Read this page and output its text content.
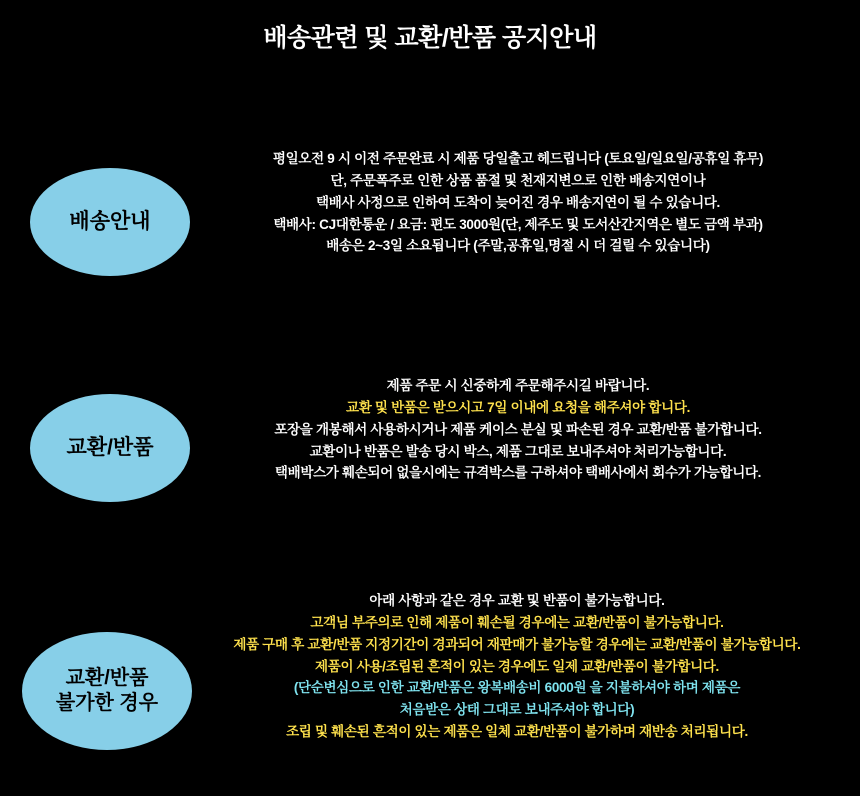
배송관련 및 교환/반품 공지안내
배송안내
평일오전 9 시 이전 주문완료 시 제품 당일출고 헤드립니다 (토요일/일요일/공휴일 휴무)
단, 주문폭주로 인한 상품 품절 및 천재지변으로 인한 배송지연이나
택배사 사정으로 인하여 도착이 늦어진 경우 배송지연이 될 수 있습니다.
택배사: CJ대한통운 / 요금: 편도 3000원(단, 제주도 및 도서산간지역은 별도 금액 부과)
배송은 2~3일 소요됩니다 (주말,공휴일,명절 시 더 걸릴 수 있습니다)
교환/반품
제품 주문 시 신중하게 주문해주시길 바랍니다.
교환 및 반품은 받으시고 7일 이내에 요청을 해주셔야 합니다.
포장을 개봉해서 사용하시거나 제품 케이스 분실 및 파손된 경우 교환/반품 불가합니다.
교환이나 반품은 발송 당시 박스, 제품 그대로 보내주셔야 처리가능합니다.
택배박스가 훼손되어 없을시에는 규격박스를 구하셔야 택배사에서 회수가 가능합니다.
교환/반품
불가한 경우
아래 사항과 같은 경우 교환 및 반품이 불가능합니다.
고객님 부주의로 인해 제품이 훼손될 경우에는 교환/반품이 불가능합니다.
제품 구매 후 교환/반품 지정기간이 경과되어 재판매가 불가능할 경우에는 교환/반품이 불가능합니다.
제품이 사용/조립된 흔적이 있는 경우에도 일제 교환/반품이 불가합니다.
(단순변심으로 인한 교환/반품은 왕복배송비 6000원 을 지불하셔야 하며 제품은
처음받은 상태 그대로 보내주셔야 합니다)
조립 및 훼손된 흔적이 있는 제품은 일체 교환/반품이 불가하며 재반송 처리됩니다.
